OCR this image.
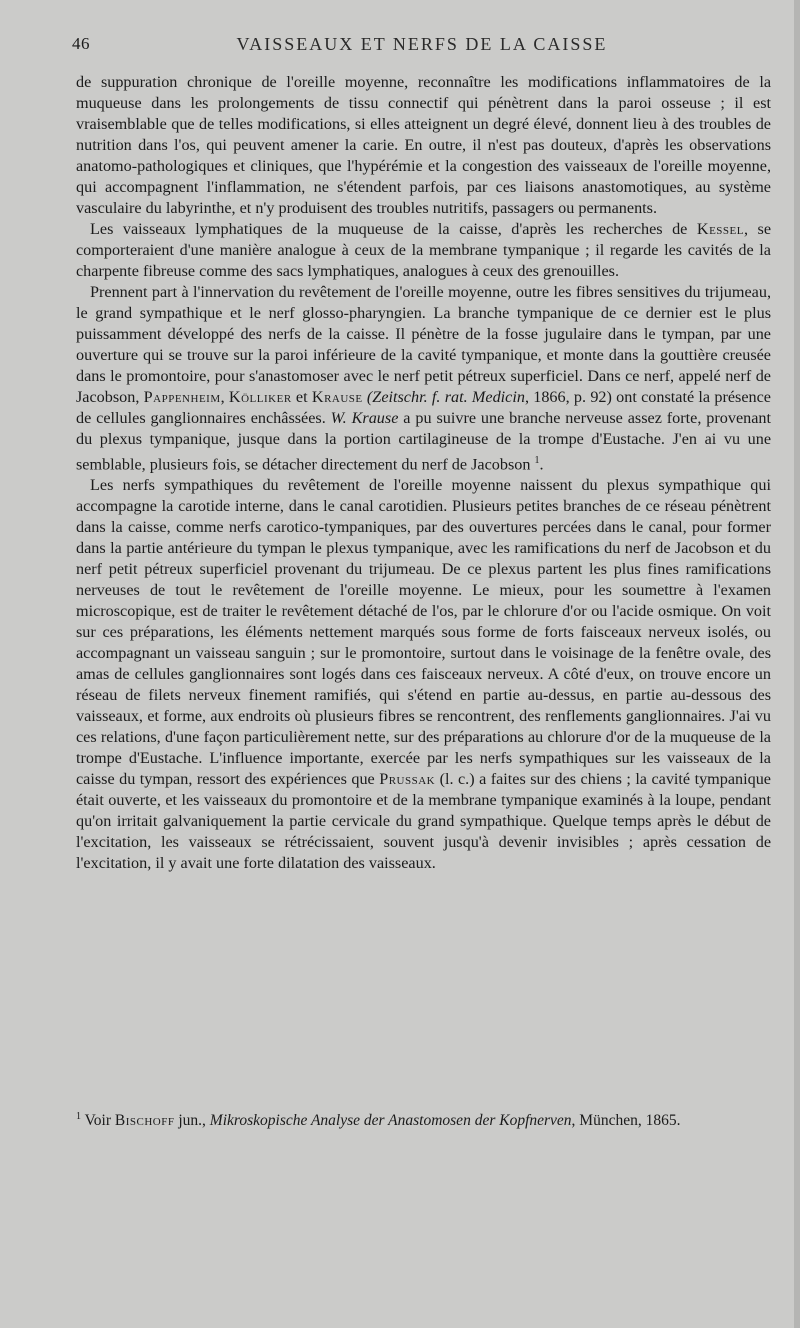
46	VAISSEAUX ET NERFS DE LA CAISSE

de suppuration chronique de l'oreille moyenne, reconnaître les modifications inflammatoires de la muqueuse dans les prolongements de tissu connectif qui pénètrent dans la paroi osseuse ; il est vraisemblable que de telles modifications, si elles atteignent un degré élevé, donnent lieu à des troubles de nutrition dans l'os, qui peuvent amener la carie. En outre, il n'est pas douteux, d'après les observations anatomo-pathologiques et cliniques, que l'hypérémie et la congestion des vaisseaux de l'oreille moyenne, qui accompagnent l'inflammation, ne s'étendent parfois, par ces liaisons anastomotiques, au système vasculaire du labyrinthe, et n'y produisent des troubles nutritifs, passagers ou permanents.

Les vaisseaux lymphatiques de la muqueuse de la caisse, d'après les recherches de Kessel, se comporteraient d'une manière analogue à ceux de la membrane tympanique ; il regarde les cavités de la charpente fibreuse comme des sacs lymphatiques, analogues à ceux des grenouilles.

Prennent part à l'innervation du revêtement de l'oreille moyenne, outre les fibres sensitives du trijumeau, le grand sympathique et le nerf glosso-pharyngien. La branche tympanique de ce dernier est le plus puissamment développé des nerfs de la caisse. Il pénètre de la fosse jugulaire dans le tympan, par une ouverture qui se trouve sur la paroi inférieure de la cavité tympanique, et monte dans la gouttière creusée dans le promontoire, pour s'anastomoser avec le nerf petit pétreux superficiel. Dans ce nerf, appelé nerf de Jacobson, Pappenheim, Kölliker et Krause (Zeitschr. f. rat. Medicin, 1866, p. 92) ont constaté la présence de cellules ganglionnaires enchâssées. W. Krause a pu suivre une branche nerveuse assez forte, provenant du plexus tympanique, jusque dans la portion cartilagineuse de la trompe d'Eustache. J'en ai vu une semblable, plusieurs fois, se détacher directement du nerf de Jacobson $^1$.

Les nerfs sympathiques du revêtement de l'oreille moyenne naissent du plexus sympathique qui accompagne la carotide interne, dans le canal carotidien. Plusieurs petites branches de ce réseau pénètrent dans la caisse, comme nerfs carotico-tympaniques, par des ouvertures percées dans le canal, pour former dans la partie antérieure du tympan le plexus tympanique, avec les ramifications du nerf de Jacobson et du nerf petit pétreux superficiel provenant du trijumeau. De ce plexus partent les plus fines ramifications nerveuses de tout le revêtement de l'oreille moyenne. Le mieux, pour les soumettre à l'examen microscopique, est de traiter le revêtement détaché de l'os, par le chlorure d'or ou l'acide osmique. On voit sur ces préparations, les éléments nettement marqués sous forme de forts faisceaux nerveux isolés, ou accompagnant un vaisseau sanguin ; sur le promontoire, surtout dans le voisinage de la fenêtre ovale, des amas de cellules ganglionnaires sont logés dans ces faisceaux nerveux. A côté d'eux, on trouve encore un réseau de filets nerveux finement ramifiés, qui s'étend en partie au-dessus, en partie au-dessous des vaisseaux, et forme, aux endroits où plusieurs fibres se rencontrent, des renflements ganglionnaires. J'ai vu ces relations, d'une façon particulièrement nette, sur des préparations au chlorure d'or de la muqueuse de la trompe d'Eustache. L'influence importante, exercée par les nerfs sympathiques sur les vaisseaux de la caisse du tympan, ressort des expériences que Prussak (l. c.) a faites sur des chiens ; la cavité tympanique était ouverte, et les vaisseaux du promontoire et de la membrane tympanique examinés à la loupe, pendant qu'on irritait galvaniquement la partie cervicale du grand sympathique. Quelque temps après le début de l'excitation, les vaisseaux se rétrécissaient, souvent jusqu'à devenir invisibles ; après cessation de l'excitation, il y avait une forte dilatation des vaisseaux.

$^1$ Voir Bischoff jun., Mikroskopische Analyse der Anastomosen der Kopfnerven, München, 1865.
